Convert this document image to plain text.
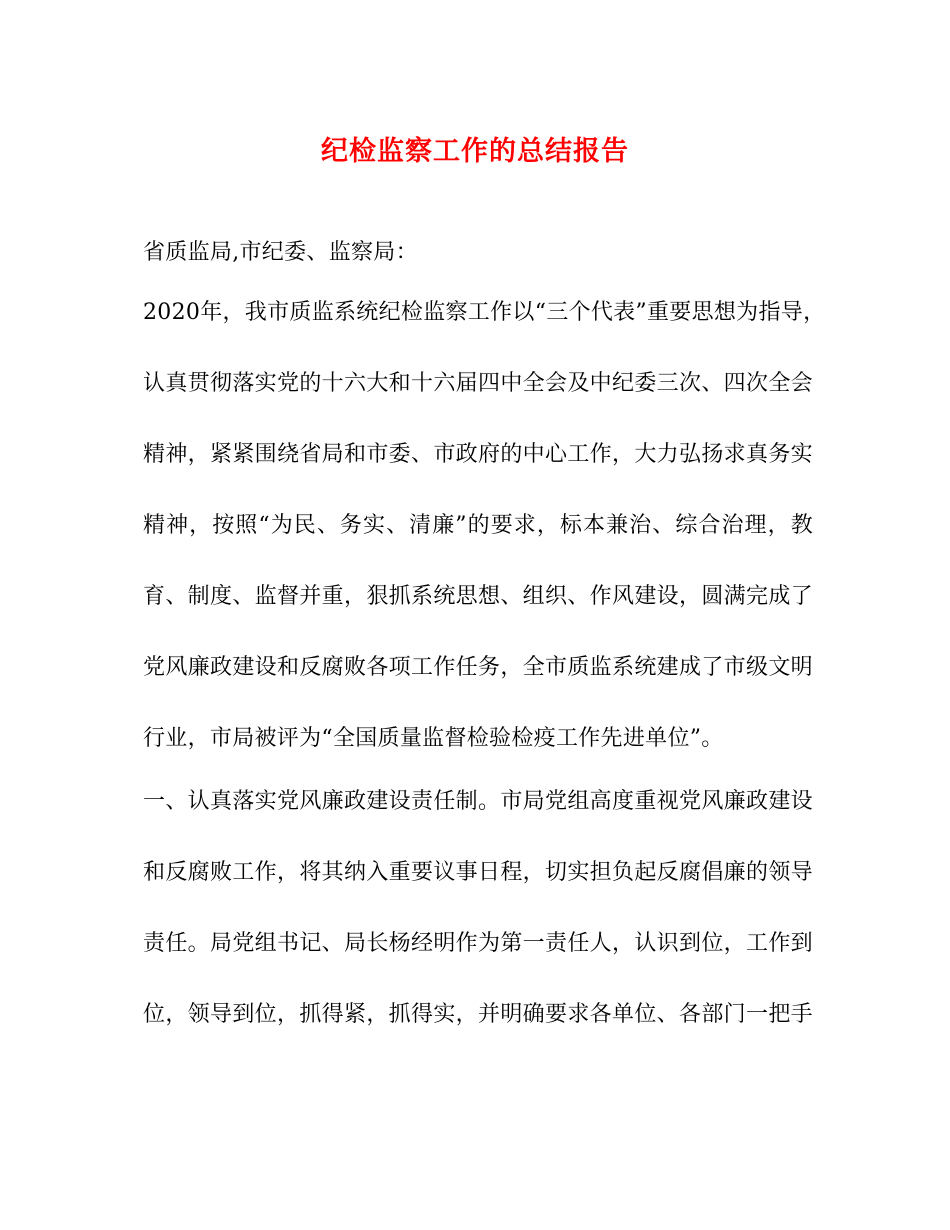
纪检监察工作的总结报告
省质监局,市纪委、监察局：
2020年，我市质监系统纪检监察工作以“三个代表”重要思想为指导，
认真贯彻落实党的十六大和十六届四中全会及中纪委三次、四次全会
精神，紧紧围绕省局和市委、市政府的中心工作，大力弘扬求真务实
精神，按照“为民、务实、清廉”的要求，标本兼治、综合治理，教
育、制度、监督并重，狠抓系统思想、组织、作风建设，圆满完成了
党风廉政建设和反腐败各项工作任务，全市质监系统建成了市级文明
行业，市局被评为“全国质量监督检验检疫工作先进单位”。
一、认真落实党风廉政建设责任制。市局党组高度重视党风廉政建设
和反腐败工作，将其纳入重要议事日程，切实担负起反腐倡廉的领导
责任。局党组书记、局长杨经明作为第一责任人，认识到位，工作到
位，领导到位，抓得紧，抓得实，并明确要求各单位、各部门一把手
